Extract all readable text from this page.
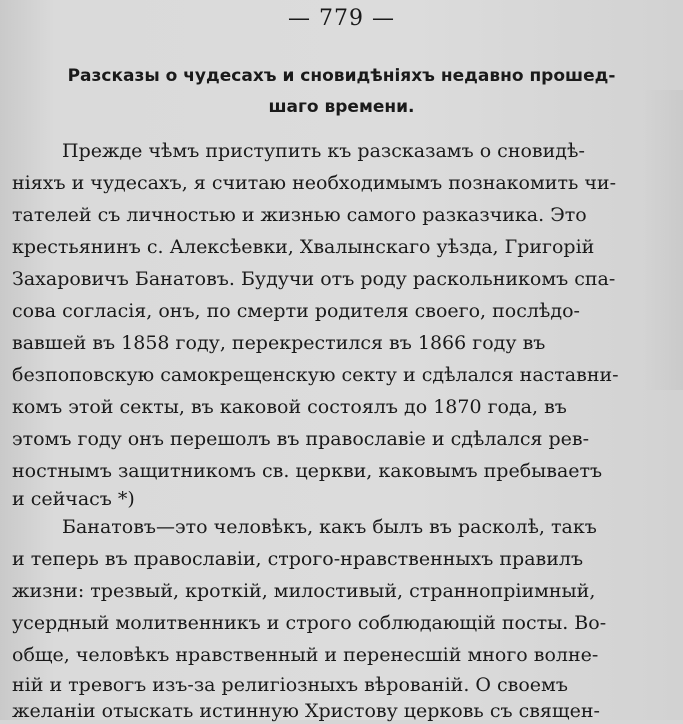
— 779 —
Разсказы о чудесахъ и сновидѣніяхъ недавно прошед-
шаго времени.
Прежде чѣмъ приступить къ разсказамъ о сновидѣ-
ніяхъ и чудесахъ, я считаю необходимымъ познакомить чи-
тателей съ личностью и жизнью самого разказчика. Это
крестьянинъ с. Алексѣевки, Хвалынскаго уѣзда, Григорій
Захаровичъ Банатовъ. Будучи отъ роду раскольникомъ спа-
сова согласія, онъ, по смерти родителя своего, послѣдо-
вавшей въ 1858 году, перекрестился въ 1866 году въ
безпоповскую самокрещенскую секту и сдѣлался наставни-
комъ этой секты, въ каковой состоялъ до 1870 года, въ
этомъ году онъ перешолъ въ православіе и сдѣлался рев-
ностнымъ защитникомъ св. церкви, каковымъ пребываетъ
и сейчасъ *)
Банатовъ—это человѣкъ, какъ былъ въ расколѣ, такъ
и теперь въ православіи, строго-нравственныхъ правилъ
жизни: трезвый, кроткій, милостивый, страннопріимный,
усердный молитвенникъ и строго соблюдающій посты. Во-
обще, человѣкъ нравственный и перенесшій много волне-
ній и тревогъ изъ-за религіозныхъ вѣрованій. О своемъ
желаніи отыскать истинную Христову церковь съ священ-
